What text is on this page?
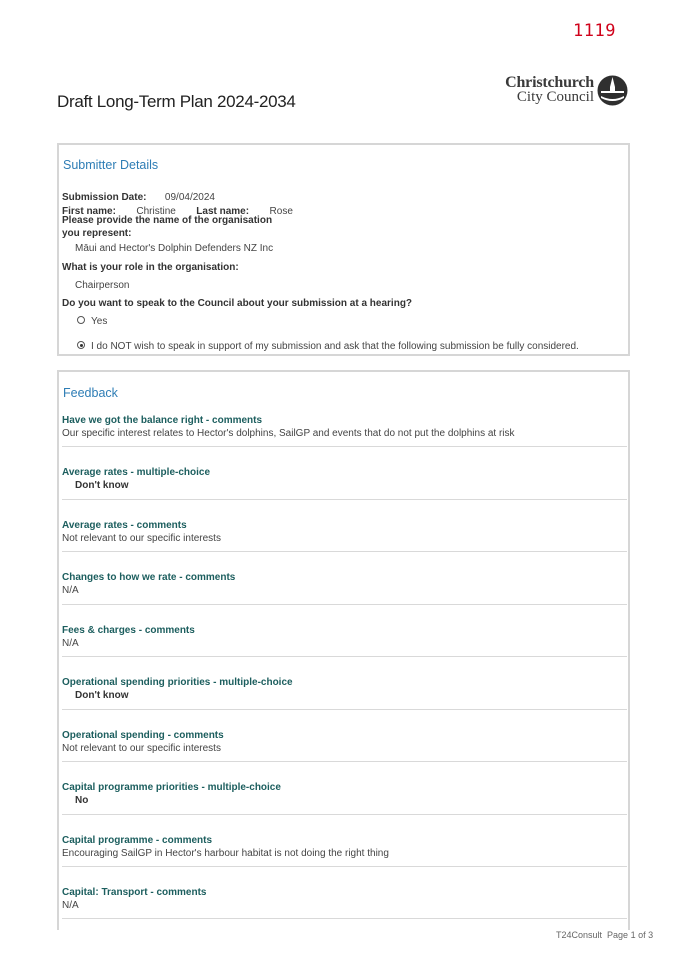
1119
Draft Long-Term Plan 2024-2034
Christchurch
City Council
Submitter Details
Submission Date: 09/04/2024
First name: Christine Last name: Rose
Please provide the name of the organisation
you represent:
Māui and Hector's Dolphin Defenders NZ Inc
What is your role in the organisation:
Chairperson
Do you want to speak to the Council about your submission at a hearing?
Yes
I do NOT wish to speak in support of my submission and ask that the following submission be fully considered.
Feedback
Have we got the balance right - comments
Our specific interest relates to Hector's dolphins, SailGP and events that do not put the dolphins at risk
Average rates - multiple-choice
Don't know
Average rates - comments
Not relevant to our specific interests
Changes to how we rate - comments
N/A
Fees & charges - comments
N/A
Operational spending priorities - multiple-choice
Don't know
Operational spending - comments
Not relevant to our specific interests
Capital programme priorities - multiple-choice
No
Capital programme - comments
Encouraging SailGP in Hector's harbour habitat is not doing the right thing
Capital: Transport - comments
N/A
T24Consult Page 1 of 3
